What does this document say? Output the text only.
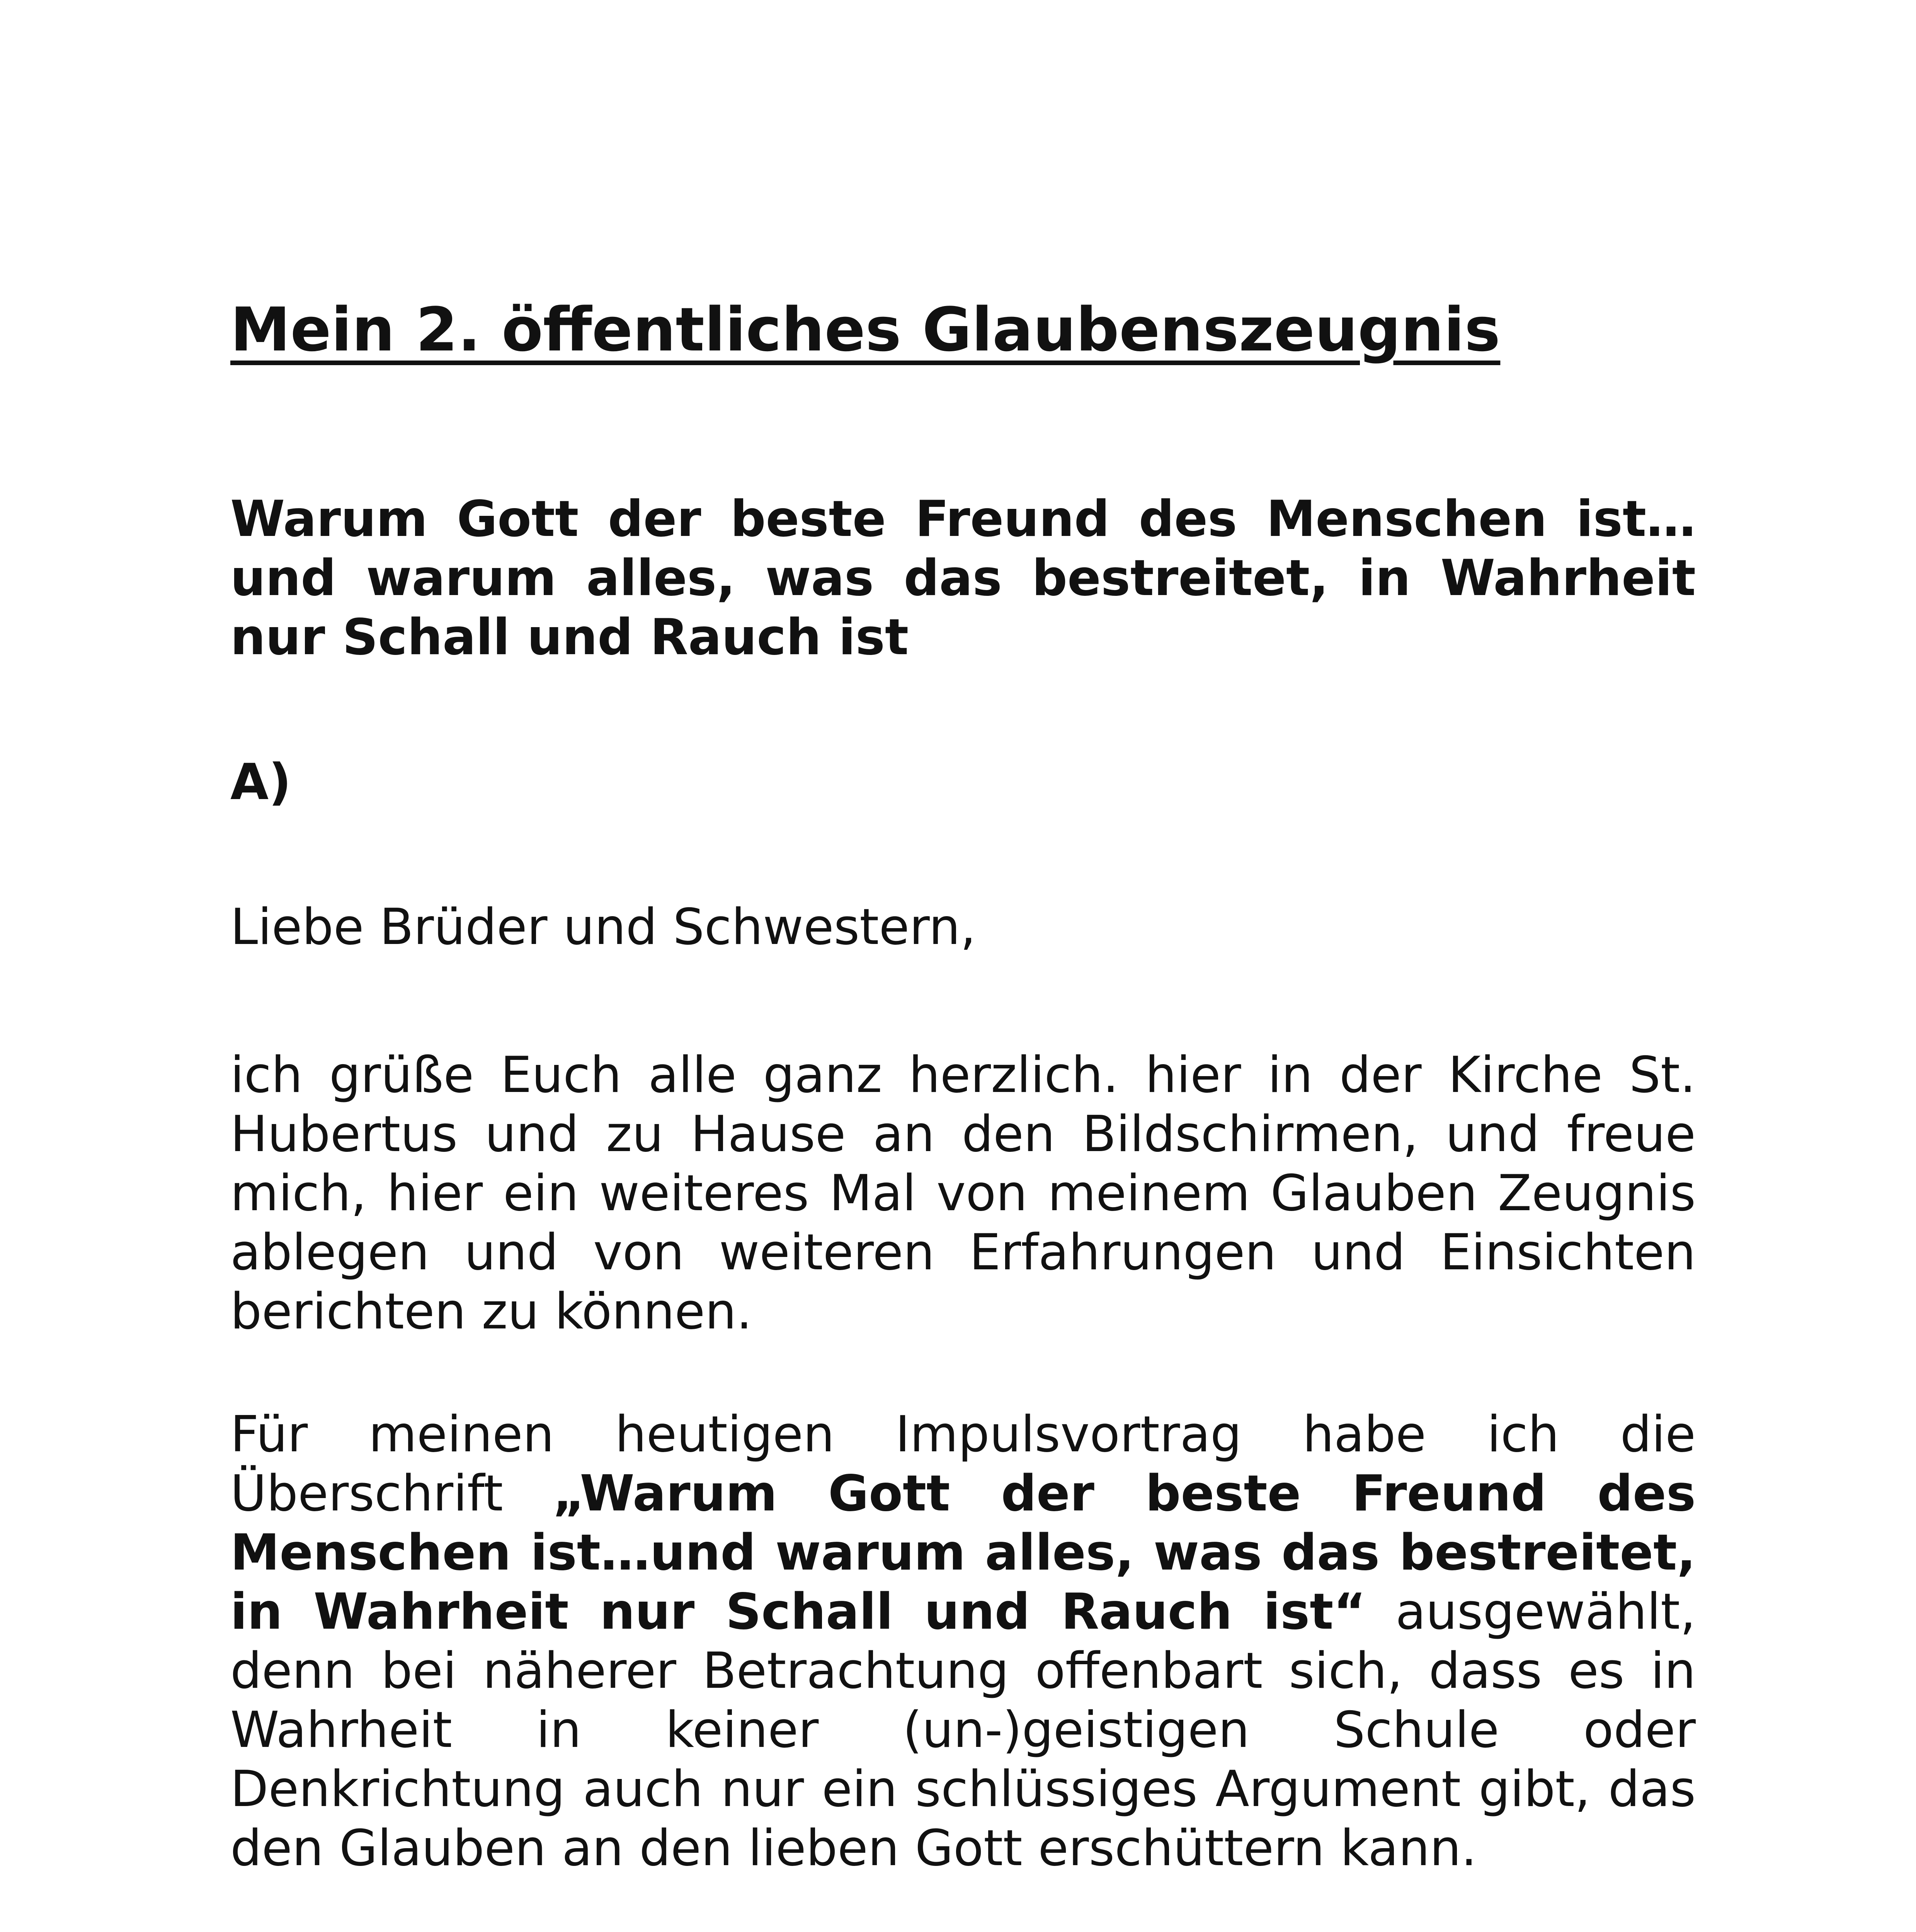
Mein 2. öffentliches Glaubenszeugnis

Warum Gott der beste Freund des Menschen ist…und warum alles, was das bestreitet, in Wahrheit nur Schall und Rauch ist

A)

Liebe Brüder und Schwestern,

ich grüße Euch alle ganz herzlich. hier in der Kirche St. Hubertus und zu Hause an den Bildschirmen, und freue mich, hier ein weiteres Mal von meinem Glauben Zeugnis ablegen und von weiteren Erfahrungen und Einsichten berichten zu können.

Für meinen heutigen Impulsvortrag habe ich die Überschrift „Warum Gott der beste Freund des Menschen ist…und warum alles, was das bestreitet, in Wahrheit nur Schall und Rauch ist“ ausgewählt, denn bei näherer Betrachtung offenbart sich, dass es in Wahrheit in keiner (un-)geistigen Schule oder Denkrichtung auch nur ein schlüssiges Argument gibt, das den Glauben an den lieben Gott erschüttern kann.
